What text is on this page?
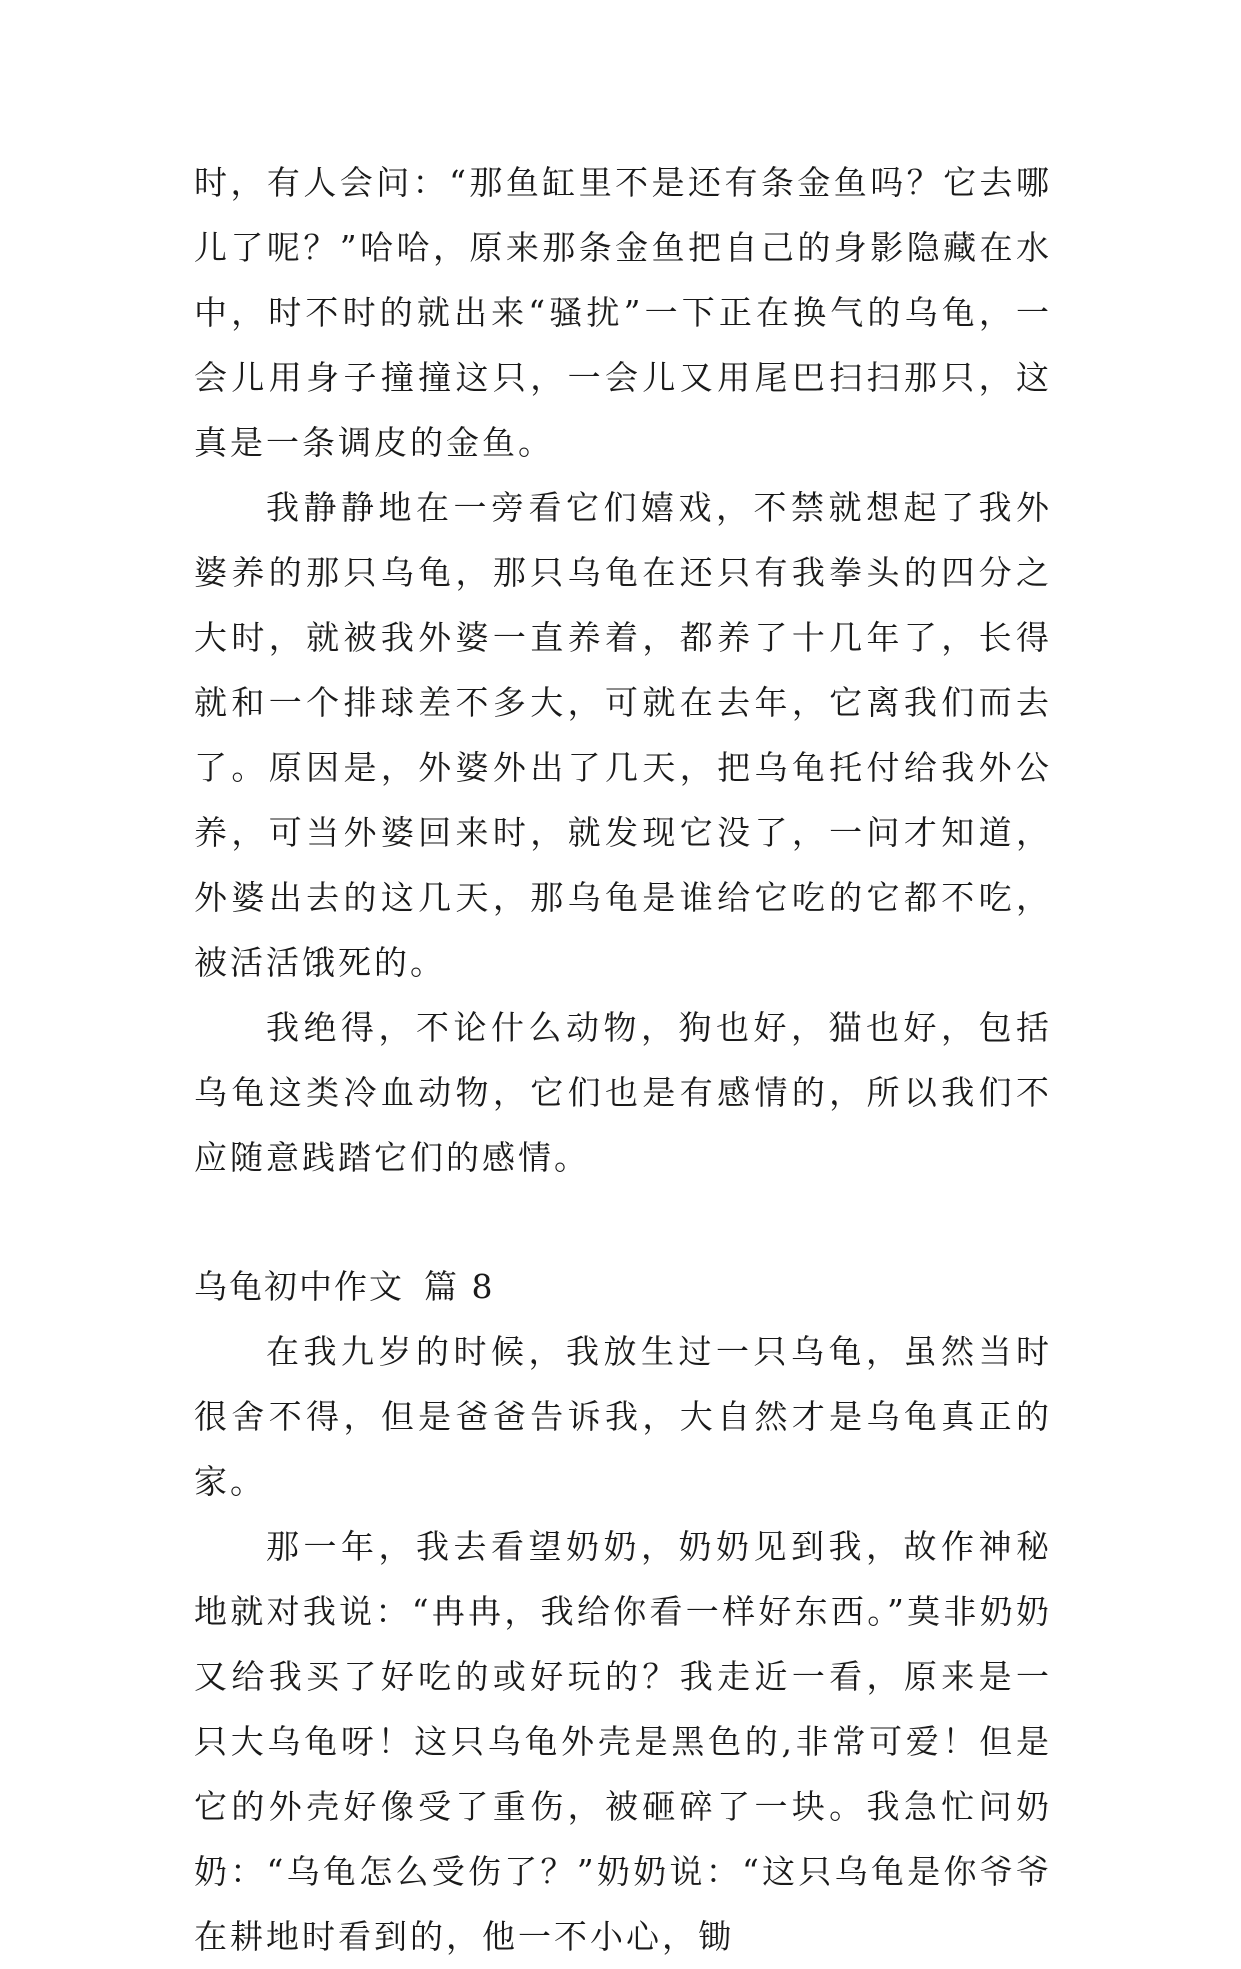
时，有人会问：“那鱼缸里不是还有条金鱼吗？它去哪儿了呢？”哈哈，原来那条金鱼把自己的身影隐藏在水中，时不时的就出来“骚扰”一下正在换气的乌龟，一会儿用身子撞撞这只，一会儿又用尾巴扫扫那只，这真是一条调皮的金鱼。

我静静地在一旁看它们嬉戏，不禁就想起了我外婆养的那只乌龟，那只乌龟在还只有我拳头的四分之大时，就被我外婆一直养着，都养了十几年了，长得就和一个排球差不多大，可就在去年，它离我们而去了。原因是，外婆外出了几天，把乌龟托付给我外公养，可当外婆回来时，就发现它没了，一问才知道，外婆出去的这几天，那乌龟是谁给它吃的它都不吃，被活活饿死的。

我绝得，不论什么动物，狗也好，猫也好，包括乌龟这类冷血动物，它们也是有感情的，所以我们不应随意践踏它们的感情。

乌龟初中作文 篇 8

在我九岁的时候，我放生过一只乌龟，虽然当时很舍不得，但是爸爸告诉我，大自然才是乌龟真正的家。

那一年，我去看望奶奶，奶奶见到我，故作神秘地就对我说：“冉冉，我给你看一样好东西。”莫非奶奶又给我买了好吃的或好玩的？我走近一看，原来是一只大乌龟呀！这只乌龟外壳是黑色的,非常可爱！但是它的外壳好像受了重伤，被砸碎了一块。我急忙问奶奶：“乌龟怎么受伤了？”奶奶说：“这只乌龟是你爷爷在耕地时看到的，他一不小心，锄
